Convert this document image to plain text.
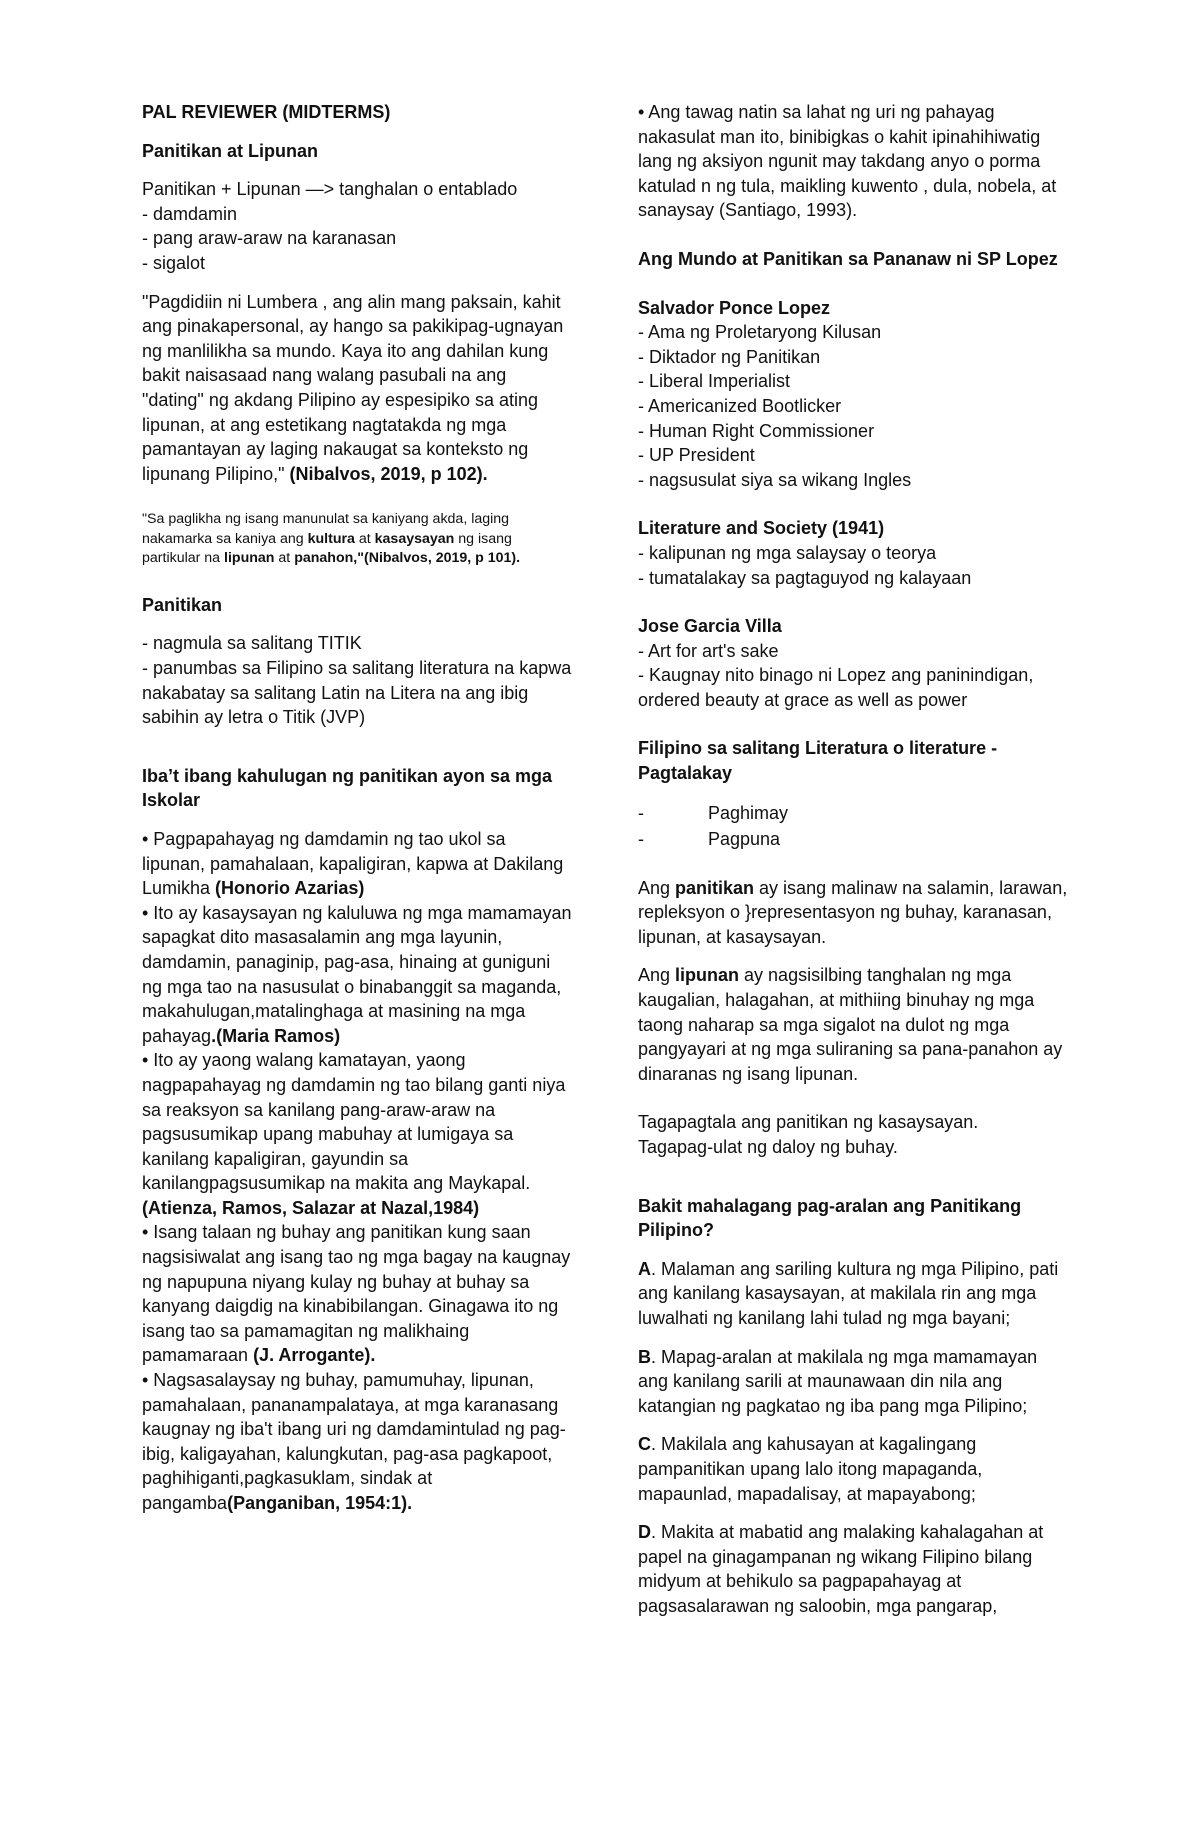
PAL REVIEWER (MIDTERMS)

Panitikan at Lipunan

Panitikan + Lipunan —> tanghalan o entablado

- damdamin

- pang araw-araw na karanasan

- sigalot

"Pagdidiin ni Lumbera , ang alin mang paksain, kahit ang pinakapersonal, ay hango sa pakikipag-ugnayan ng manlilikha sa mundo. Kaya ito ang dahilan kung bakit naisasaad nang walang pasubali na ang "dating" ng akdang Pilipino ay espesipiko sa ating lipunan, at ang estetikang nagtatakda ng mga pamantayan ay laging nakaugat sa konteksto ng lipunang Pilipino," (Nibalvos, 2019, p 102).

"Sa paglikha ng isang manunulat sa kaniyang akda, laging nakamarka sa kaniya ang kultura at kasaysayan ng isang partikular na lipunan at panahon,"(Nibalvos, 2019, p 101).

Panitikan

- nagmula sa salitang TITIK

- panumbas sa Filipino sa salitang literatura na kapwa nakabatay sa salitang Latin na Litera na ang ibig sabihin ay letra o Titik (JVP)

Iba’t ibang kahulugan ng panitikan ayon sa mga Iskolar

• Pagpapahayag ng damdamin ng tao ukol sa lipunan, pamahalaan, kapaligiran, kapwa at Dakilang Lumikha (Honorio Azarias)

• Ito ay kasaysayan ng kaluluwa ng mga mamamayan sapagkat dito masasalamin ang mga layunin, damdamin, panaginip, pag-asa, hinaing at guniguni ng mga tao na nasusulat o binabanggit sa maganda, makahulugan,matalinghaga at masining na mga pahayag.(Maria Ramos)

• Ito ay yaong walang kamatayan, yaong nagpapahayag ng damdamin ng tao bilang ganti niya sa reaksyon sa kanilang pang-araw-araw na pagsusumikap upang mabuhay at lumigaya sa kanilang kapaligiran, gayundin sa kanilangpagsusumikap na makita ang Maykapal.(Atienza, Ramos, Salazar at Nazal,1984)

• Isang talaan ng buhay ang panitikan kung saan nagsisiwalat ang isang tao ng mga bagay na kaugnay ng napupuna niyang kulay ng buhay at buhay sa kanyang daigdig na kinabibilangan. Ginagawa ito ng isang tao sa pamamagitan ng malikhaing pamamaraan (J. Arrogante).

• Nagsasalaysay ng buhay, pamumuhay, lipunan, pamahalaan, pananampalataya, at mga karanasang kaugnay ng iba't ibang uri ng damdamintulad ng pag-ibig, kaligayahan, kalungkutan, pag-asa pagkapoot, paghihiganti,pagkasuklam, sindak at pangamba(Panganiban, 1954:1).

• Ang tawag natin sa lahat ng uri ng pahayag nakasulat man ito, binibigkas o kahit ipinahihiwatig lang ng aksiyon ngunit may takdang anyo o porma katulad n ng tula, maikling kuwento , dula, nobela, at sanaysay (Santiago, 1993).

Ang Mundo at Panitikan sa Pananaw ni SP Lopez

Salvador Ponce Lopez

- Ama ng Proletaryong Kilusan

- Diktador ng Panitikan

- Liberal Imperialist

- Americanized Bootlicker

- Human Right Commissioner

- UP President

- nagsusulat siya sa wikang Ingles

Literature and Society (1941)

- kalipunan ng mga salaysay o teorya

- tumatalakay sa pagtaguyod ng kalayaan

Jose Garcia Villa

- Art for art's sake

- Kaugnay nito binago ni Lopez ang paninindigan, ordered beauty at grace as well as power

Filipino sa salitang Literatura o literature - Pagtalakay

-	Paghimay
-	Pagpuna

Ang panitikan ay isang malinaw na salamin, larawan, repleksyon o }representasyon ng buhay, karanasan, lipunan, at kasaysayan.

Ang lipunan ay nagsisilbing tanghalan ng mga kaugalian, halagahan, at mithiing binuhay ng mga taong naharap sa mga sigalot na dulot ng mga pangyayari at ng mga suliraning sa pana-panahon ay dinaranas ng isang lipunan.

Tagapagtala ang panitikan ng kasaysayan.

Tagapag-ulat ng daloy ng buhay.

Bakit mahalagang pag-aralan ang Panitikang Pilipino?

A. Malaman ang sariling kultura ng mga Pilipino, pati ang kanilang kasaysayan, at makilala rin ang mga luwalhati ng kanilang lahi tulad ng mga bayani;

B. Mapag-aralan at makilala ng mga mamamayan ang kanilang sarili at maunawaan din nila ang katangian ng pagkatao ng iba pang mga Pilipino;

C. Makilala ang kahusayan at kagalingang pampanitikan upang lalo itong mapaganda, mapaunlad, mapadalisay, at mapayabong;

D. Makita at mabatid ang malaking kahalagahan at papel na ginagampanan ng wikang Filipino bilang midyum at behikulo sa pagpapahayag at pagsasalarawan ng saloobin, mga pangarap,
